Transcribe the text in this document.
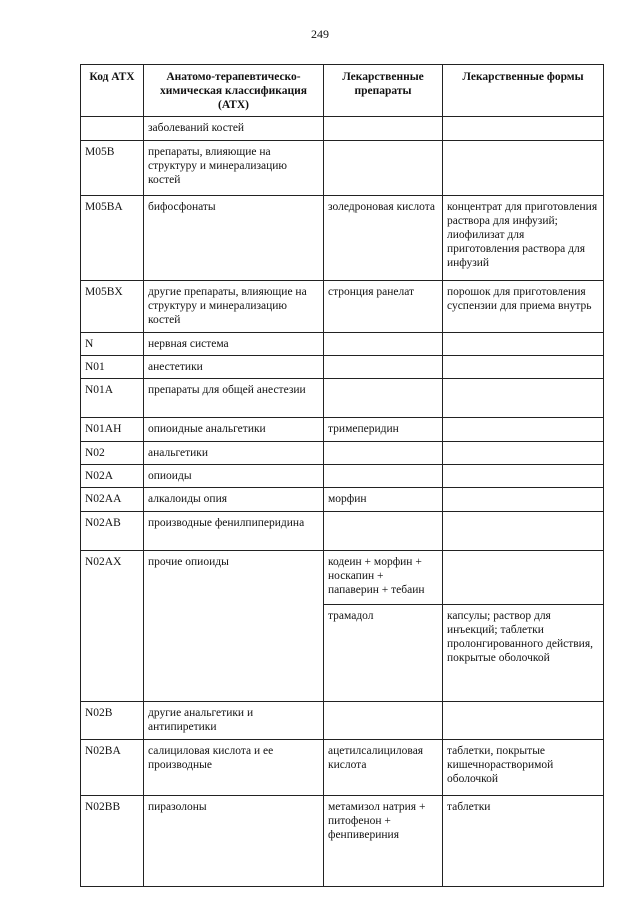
249
Код АТХ	Анатомо-терапевтическо-химическая классификация (АТХ)	Лекарственные препараты	Лекарственные формы
	заболеваний костей		
M05B	препараты, влияющие на структуру и минерализацию костей		
M05BA	бифосфонаты	золедроновая кислота	концентрат для приготовления раствора для инфузий; лиофилизат для приготовления раствора для инфузий
M05BX	другие препараты, влияющие на структуру и минерализацию костей	стронция ранелат	порошок для приготовления суспензии для приема внутрь
N	нервная система		
N01	анестетики		
N01A	препараты для общей анестезии		
N01AH	опиоидные анальгетики	тримеперидин	
N02	анальгетики		
N02A	опиоиды		
N02AA	алкалоиды опия	морфин	
N02AB	производные фенилпиперидина		
N02AX	прочие опиоиды	кодеин + морфин + носкапин + папаверин + тебаин	
		трамадол	капсулы; раствор для инъекций; таблетки пролонгированного действия, покрытые оболочкой
N02B	другие анальгетики и антипиретики		
N02BA	салициловая кислота и ее производные	ацетилсалициловая кислота	таблетки, покрытые кишечнорастворимой оболочкой
N02BB	пиразолоны	метамизол натрия + питофенон + фенпивериния	таблетки
